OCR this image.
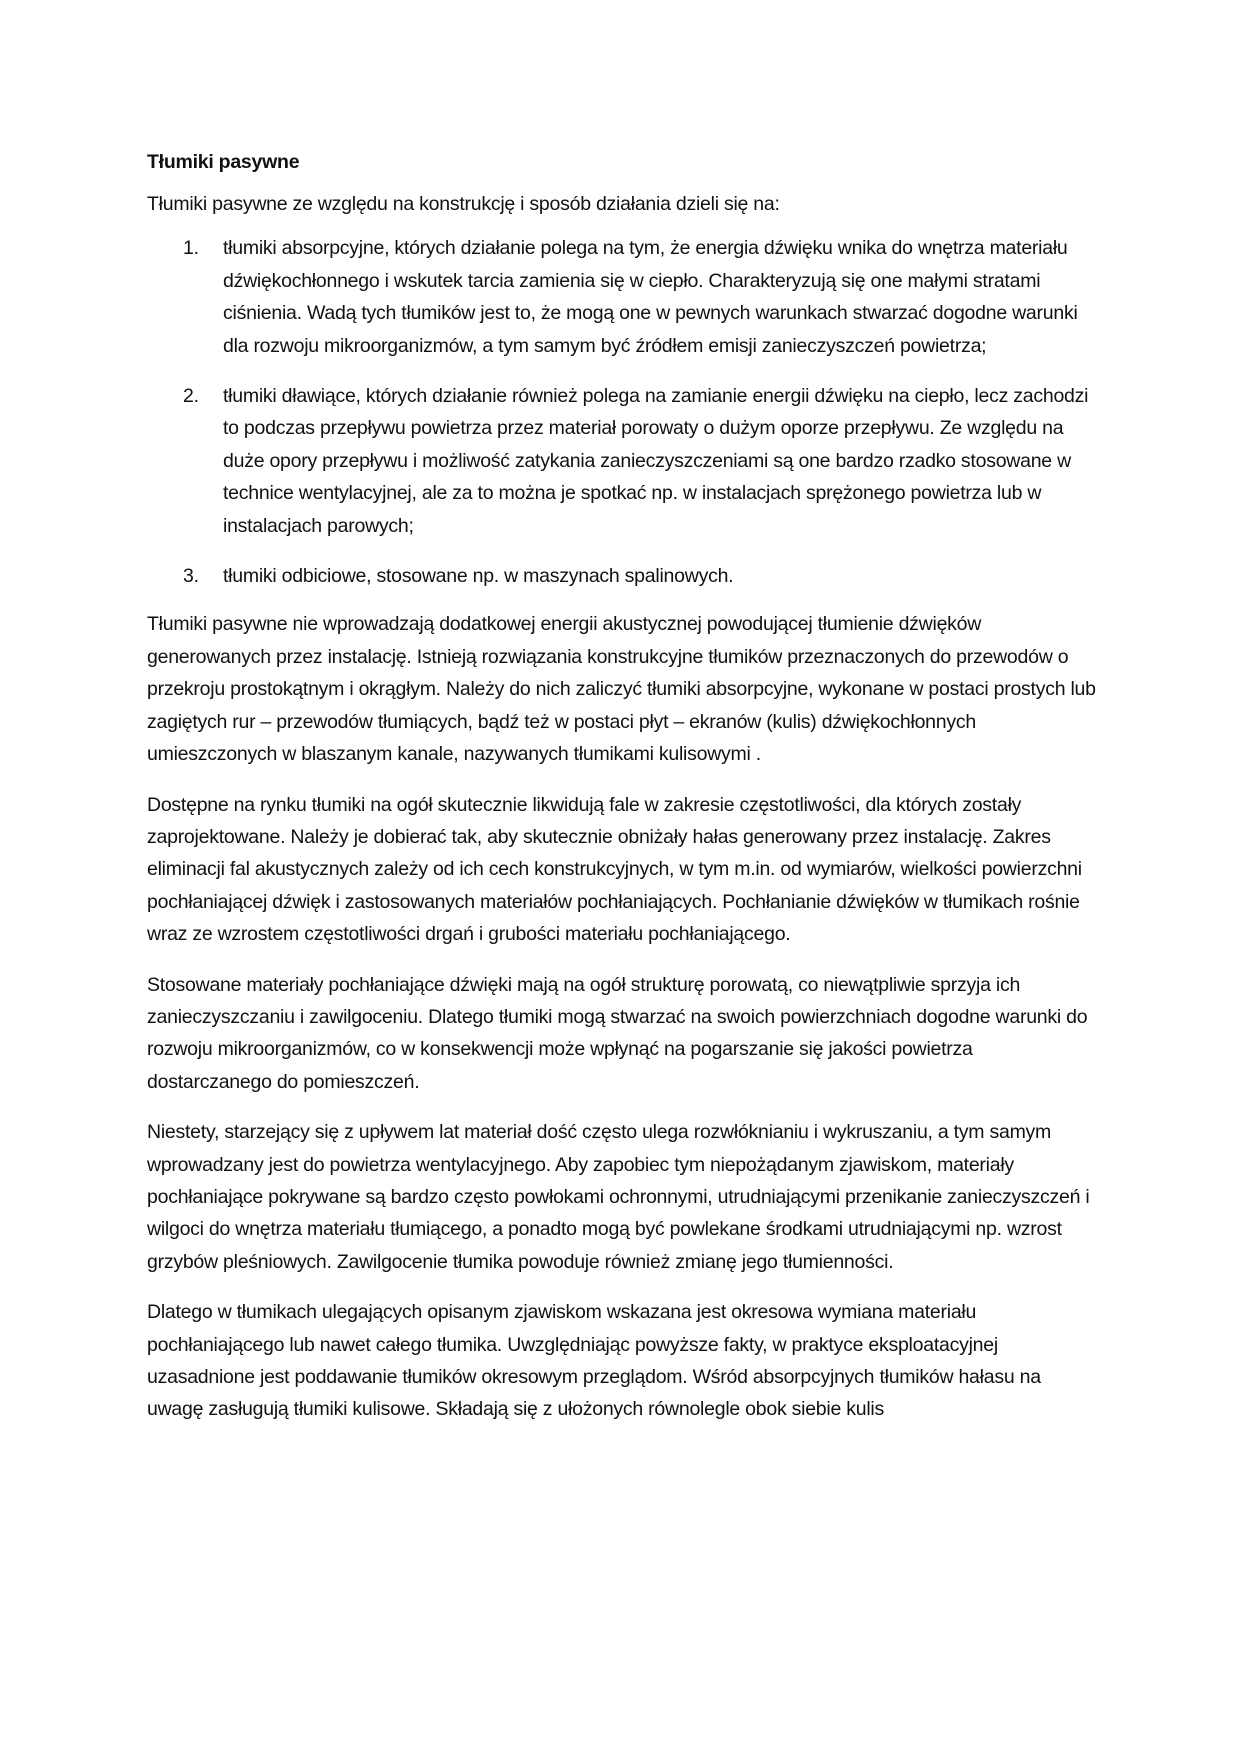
Tłumiki pasywne

Tłumiki pasywne ze względu na konstrukcję i sposób działania dzieli się na:

1. tłumiki absorpcyjne, których działanie polega na tym, że energia dźwięku wnika do wnętrza materiału dźwiękochłonnego i wskutek tarcia zamienia się w ciepło. Charakteryzują się one małymi stratami ciśnienia. Wadą tych tłumików jest to, że mogą one w pewnych warunkach stwarzać dogodne warunki dla rozwoju mikroorganizmów, a tym samym być źródłem emisji zanieczyszczeń powietrza;
2. tłumiki dławiące, których działanie również polega na zamianie energii dźwięku na ciepło, lecz zachodzi to podczas przepływu powietrza przez materiał porowaty o dużym oporze przepływu. Ze względu na duże opory przepływu i możliwość zatykania zanieczyszczeniami są one bardzo rzadko stosowane w technice wentylacyjnej, ale za to można je spotkać np. w instalacjach sprężonego powietrza lub w instalacjach parowych;
3. tłumiki odbiciowe, stosowane np. w maszynach spalinowych.

Tłumiki pasywne nie wprowadzają dodatkowej energii akustycznej powodującej tłumienie dźwięków generowanych przez instalację. Istnieją rozwiązania konstrukcyjne tłumików przeznaczonych do przewodów o przekroju prostokątnym i okrągłym. Należy do nich zaliczyć tłumiki absorpcyjne, wykonane w postaci prostych lub zagiętych rur – przewodów tłumiących, bądź też w postaci płyt – ekranów (kulis) dźwiękochłonnych umieszczonych w blaszanym kanale, nazywanych tłumikami kulisowymi .

Dostępne na rynku tłumiki na ogół skutecznie likwidują fale w zakresie częstotliwości, dla których zostały zaprojektowane. Należy je dobierać tak, aby skutecznie obniżały hałas generowany przez instalację. Zakres eliminacji fal akustycznych zależy od ich cech konstrukcyjnych, w tym m.in. od wymiarów, wielkości powierzchni pochłaniającej dźwięk i zastosowanych materiałów pochłaniających. Pochłanianie dźwięków w tłumikach rośnie wraz ze wzrostem częstotliwości drgań i grubości materiału pochłaniającego.

Stosowane materiały pochłaniające dźwięki mają na ogół strukturę porowatą, co niewątpliwie sprzyja ich zanieczyszczaniu i zawilgoceniu. Dlatego tłumiki mogą stwarzać na swoich powierzchniach dogodne warunki do rozwoju mikroorganizmów, co w konsekwencji może wpłynąć na pogarszanie się jakości powietrza dostarczanego do pomieszczeń.

Niestety, starzejący się z upływem lat materiał dość często ulega rozwłóknianiu i wykruszaniu, a tym samym wprowadzany jest do powietrza wentylacyjnego. Aby zapobiec tym niepożądanym zjawiskom, materiały pochłaniające pokrywane są bardzo często powłokami ochronnymi, utrudniającymi przenikanie zanieczyszczeń i wilgoci do wnętrza materiału tłumiącego, a ponadto mogą być powlekane środkami utrudniającymi np. wzrost grzybów pleśniowych. Zawilgocenie tłumika powoduje również zmianę jego tłumienności.

Dlatego w tłumikach ulegających opisanym zjawiskom wskazana jest okresowa wymiana materiału pochłaniającego lub nawet całego tłumika. Uwzględniając powyższe fakty, w praktyce eksploatacyjnej uzasadnione jest poddawanie tłumików okresowym przeglądom. Wśród absorpcyjnych tłumików hałasu na uwagę zasługują tłumiki kulisowe. Składają się z ułożonych równolegle obok siebie kulis
